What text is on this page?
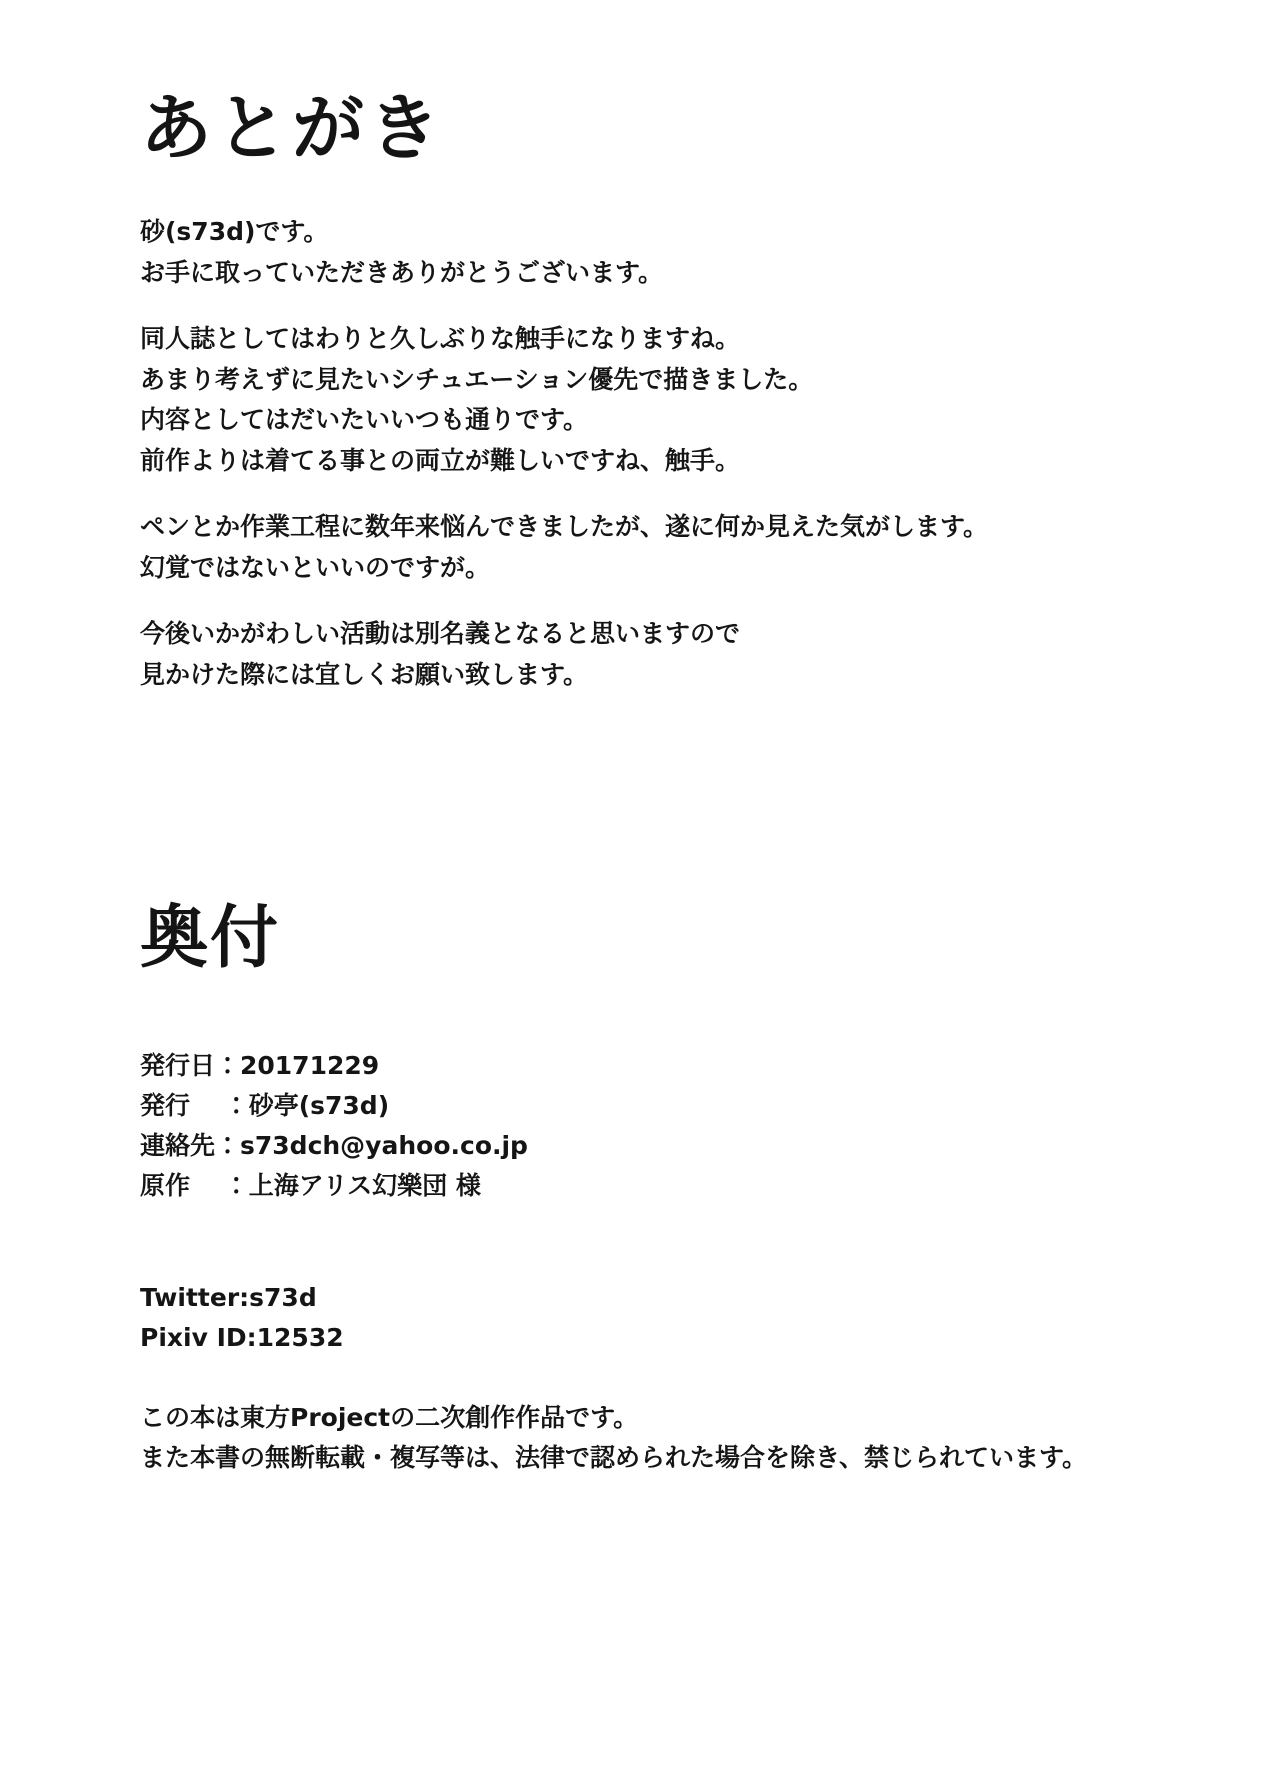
あとがき

砂(s73d)です。

お手に取っていただきありがとうございます。

同人誌としてはわりと久しぶりな触手になりますね。

あまり考えずに見たいシチュエーション優先で描きました。

内容としてはだいたいいつも通りです。

前作よりは着てる事との両立が難しいですね、触手。

ペンとか作業工程に数年来悩んできましたが、遂に何か見えた気がします。

幻覚ではないといいのですが。

今後いかがわしい活動は別名義となると思いますので

見かけた際には宜しくお願い致します。

奥付

発行日：20171229

発行　 ：砂亭(s73d)

連絡先：s73dch@yahoo.co.jp

原作　 ：上海アリス幻樂団 様

Twitter:s73d

Pixiv ID:12532

この本は東方Projectの二次創作作品です。

また本書の無断転載・複写等は、法律で認められた場合を除き、禁じられています。
